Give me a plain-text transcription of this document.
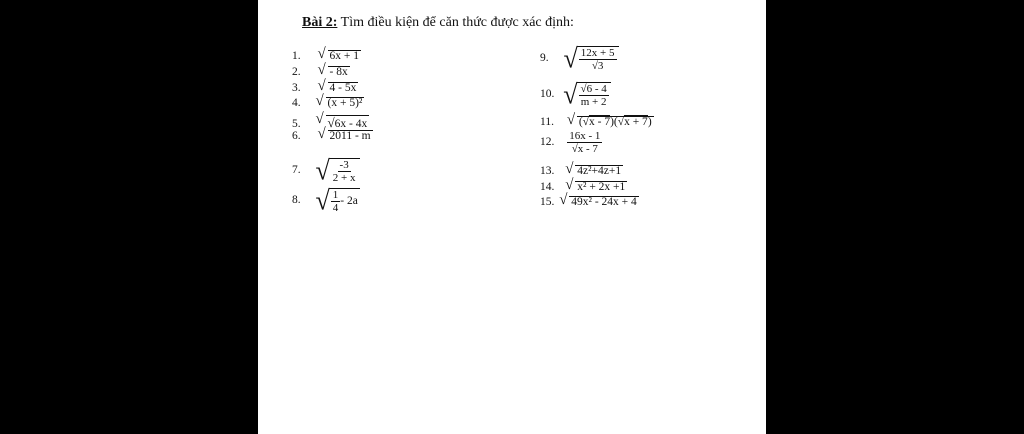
Bài 2: Tìm điều kiện để căn thức được xác định:
1. √ 6x + 1
2. √ - 8x
3. √ 4 - 5x
4. √ (x + 5)²
5. √ √6x - 4x
6. √ 2011 - m
7. √ $\frac{-3}{2 + x}$
8. √ $\frac{1}{4} - 2a$
9. √ $\frac{12x + 5}{√3}$
10. √ $\frac{√6 - 4}{m + 2}$
11. √ (√x - 7)(√x + 7)
12. $\frac{16x - 1}{√x - 7}$
13. √ 4z²+4z+1
14. √ x² + 2x +1
15. √ 49x² - 24x + 4
